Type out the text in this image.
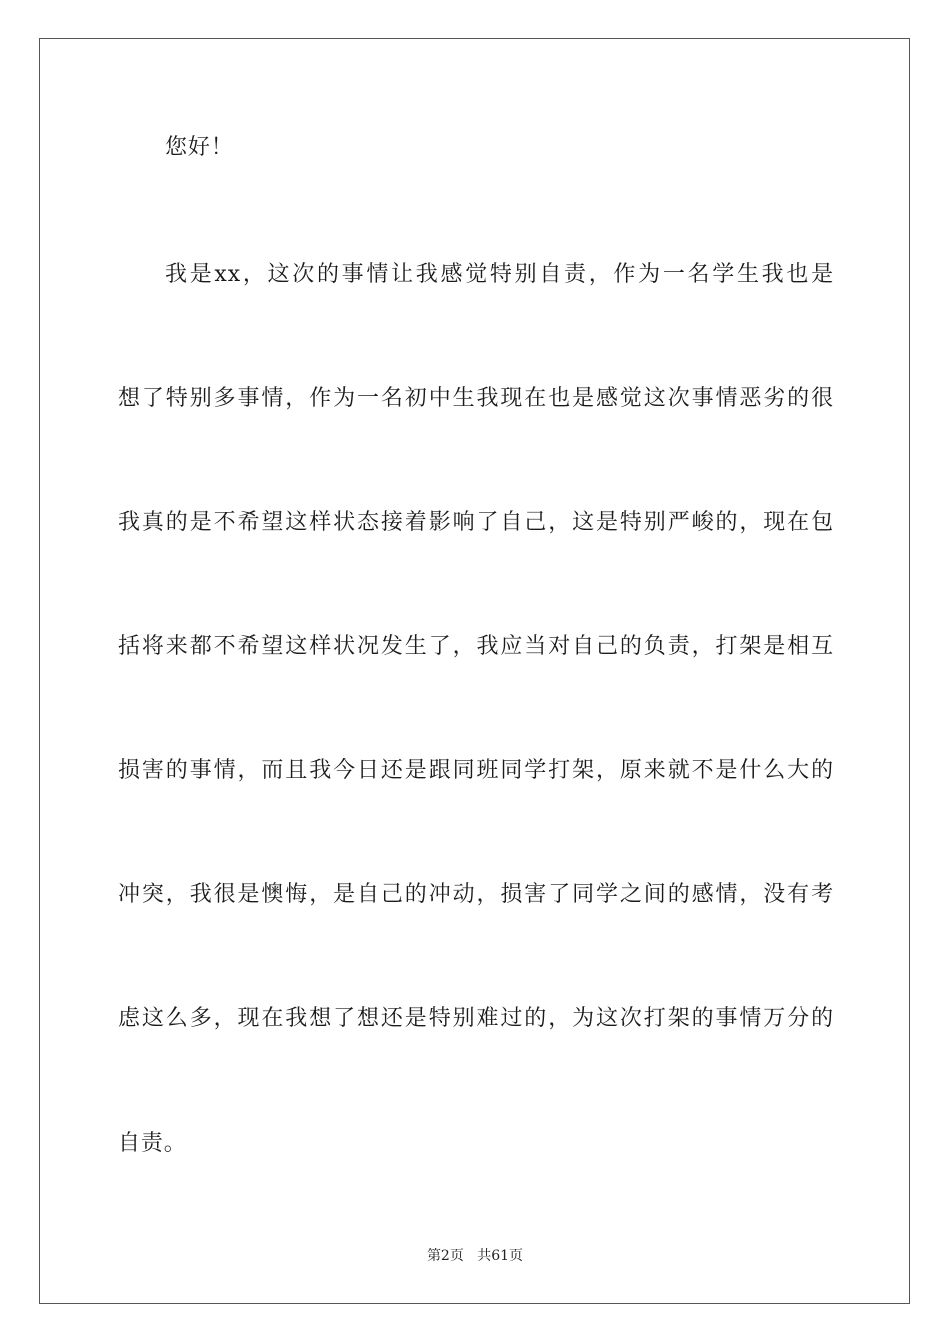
您好！
我是xx，这次的事情让我感觉特别自责，作为一名学生我也是
想了特别多事情，作为一名初中生我现在也是感觉这次事情恶劣的很
我真的是不希望这样状态接着影响了自己，这是特别严峻的，现在包
括将来都不希望这样状况发生了，我应当对自己的负责，打架是相互
损害的事情，而且我今日还是跟同班同学打架，原来就不是什么大的
冲突，我很是懊悔，是自己的冲动，损害了同学之间的感情，没有考
虑这么多，现在我想了想还是特别难过的，为这次打架的事情万分的
自责。
第2页 共61页
